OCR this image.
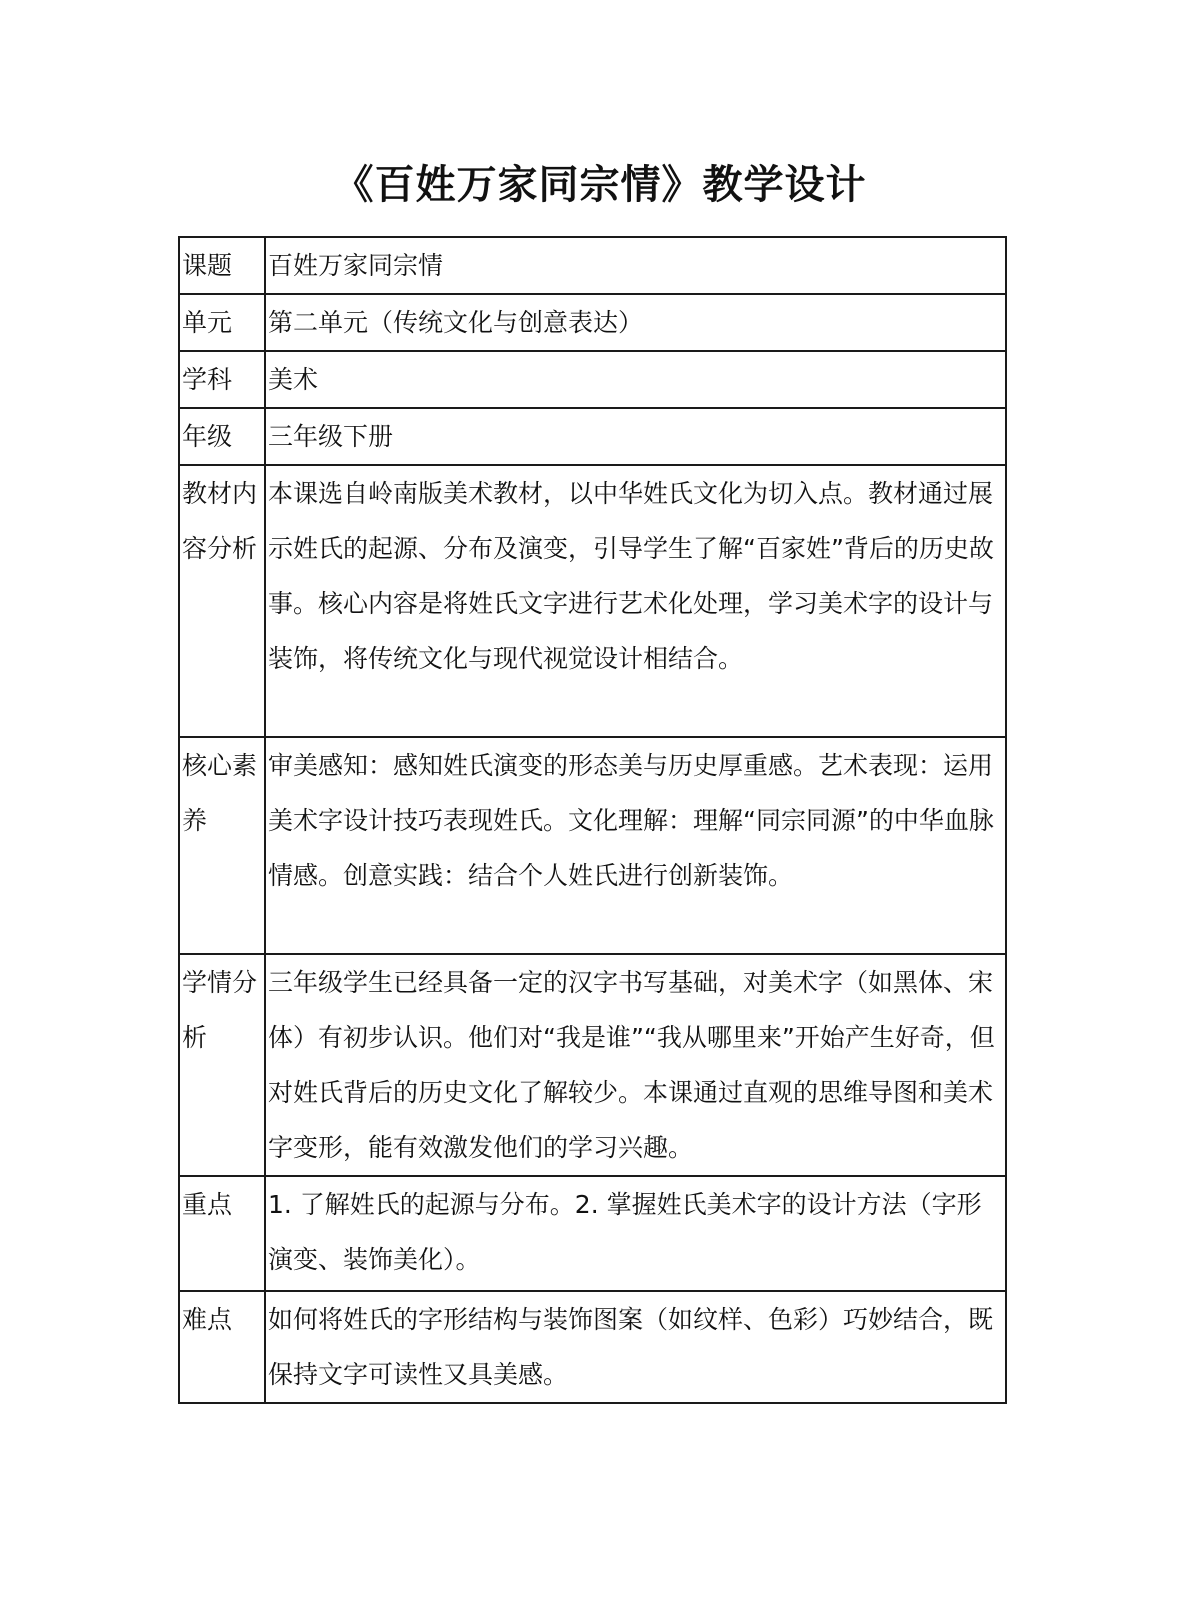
《百姓万家同宗情》教学设计
课题	百姓万家同宗情
单元	第二单元（传统文化与创意表达）
学科	美术
年级	三年级下册
教材内容分析	本课选自岭南版美术教材，以中华姓氏文化为切入点。教材通过展示姓氏的起源、分布及演变，引导学生了解“百家姓”背后的历史故事。核心内容是将姓氏文字进行艺术化处理，学习美术字的设计与装饰，将传统文化与现代视觉设计相结合。
核心素养	审美感知：感知姓氏演变的形态美与历史厚重感。艺术表现：运用美术字设计技巧表现姓氏。文化理解：理解“同宗同源”的中华血脉情感。创意实践：结合个人姓氏进行创新装饰。
学情分析	三年级学生已经具备一定的汉字书写基础，对美术字（如黑体、宋体）有初步认识。他们对“我是谁”“我从哪里来”开始产生好奇，但对姓氏背后的历史文化了解较少。本课通过直观的思维导图和美术字变形，能有效激发他们的学习兴趣。
重点	1. 了解姓氏的起源与分布。2. 掌握姓氏美术字的设计方法（字形演变、装饰美化）。
难点	如何将姓氏的字形结构与装饰图案（如纹样、色彩）巧妙结合，既保持文字可读性又具美感。
